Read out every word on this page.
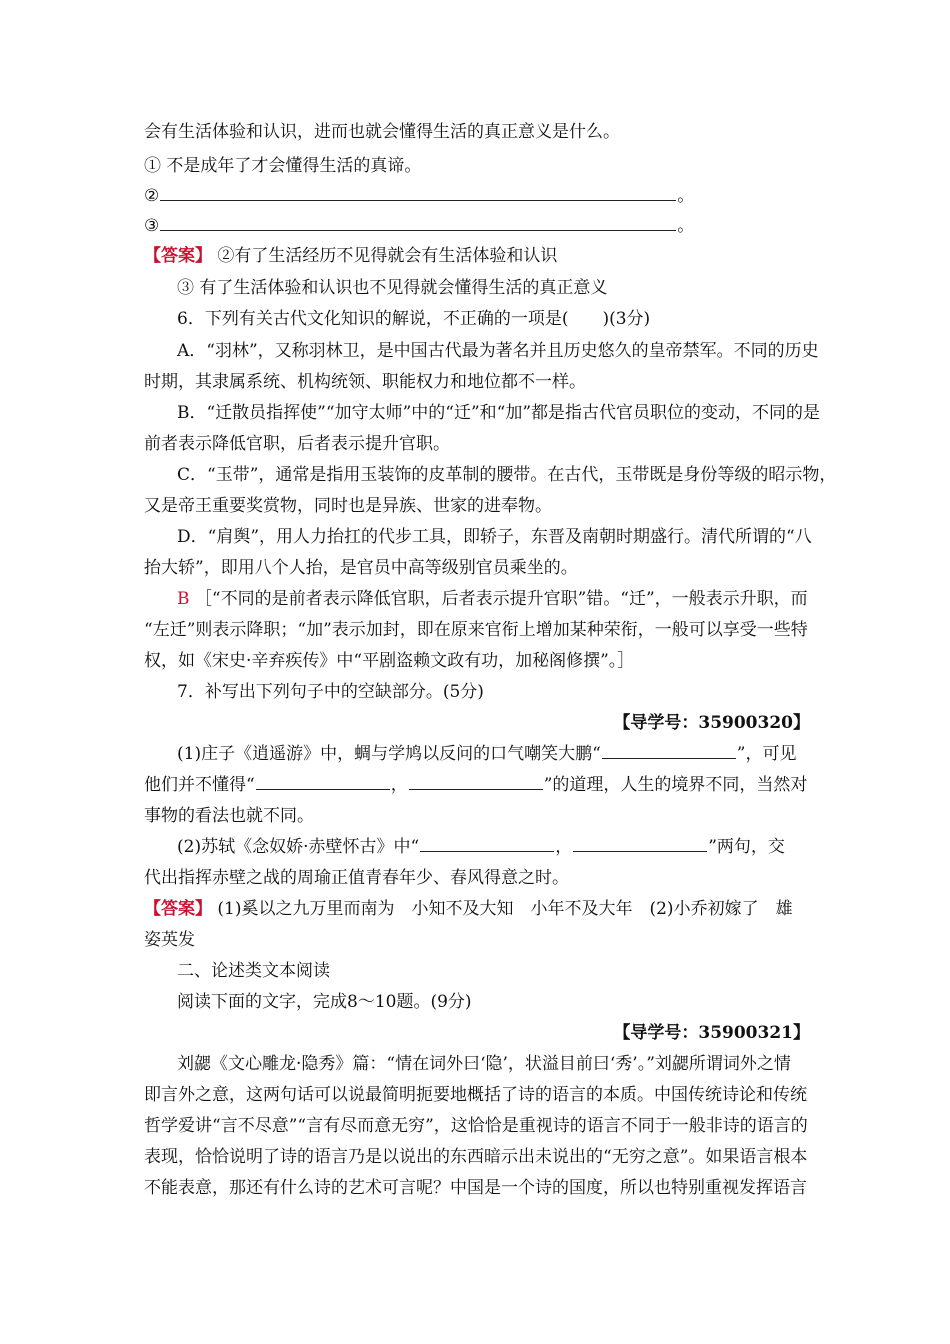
会有生活体验和认识，进而也就会懂得生活的真正意义是什么。
① 不是成年了才会懂得生活的真谛。
②	。
③	。
【答案】 ②有了生活经历不见得就会有生活体验和认识
③ 有了生活体验和认识也不见得就会懂得生活的真正意义
6．下列有关古代文化知识的解说，不正确的一项是(　　)(3分)
A．“羽林”，又称羽林卫，是中国古代最为著名并且历史悠久的皇帝禁军。不同的历史
时期，其隶属系统、机构统领、职能权力和地位都不一样。
B．“迁散员指挥使”“加守太师”中的“迁”和“加”都是指古代官员职位的变动，不同的是
前者表示降低官职，后者表示提升官职。
C．“玉带”，通常是指用玉装饰的皮革制的腰带。在古代，玉带既是身份等级的昭示物，
又是帝王重要奖赏物，同时也是异族、世家的进奉物。
D．“肩舆”，用人力抬扛的代步工具，即轿子，东晋及南朝时期盛行。清代所谓的“八
抬大轿”，即用八个人抬，是官员中高等级别官员乘坐的。
B ［“不同的是前者表示降低官职，后者表示提升官职”错。“迁”，一般表示升职，而
“左迁”则表示降职；“加”表示加封，即在原来官衔上增加某种荣衔，一般可以享受一些特
权，如《宋史·辛弃疾传》中“平剧盗赖文政有功，加秘阁修撰”。］
7．补写出下列句子中的空缺部分。(5分)
【导学号：35900320】
(1)庄子《逍遥游》中，蜩与学鸠以反问的口气嘲笑大鹏“	”，可见
他们并不懂得“	，	”的道理，人生的境界不同，当然对
事物的看法也就不同。
(2)苏轼《念奴娇·赤壁怀古》中“	，	”两句，交
代出指挥赤壁之战的周瑜正值青春年少、春风得意之时。
【答案】 (1)奚以之九万里而南为　小知不及大知　小年不及大年　(2)小乔初嫁了　雄
姿英发
二、论述类文本阅读
阅读下面的文字，完成8～10题。(9分)
【导学号：35900321】
刘勰《文心雕龙·隐秀》篇：“情在词外曰‘隐’，状溢目前曰‘秀’。”刘勰所谓词外之情
即言外之意，这两句话可以说最简明扼要地概括了诗的语言的本质。中国传统诗论和传统
哲学爱讲“言不尽意”“言有尽而意无穷”，这恰恰是重视诗的语言不同于一般非诗的语言的
表现，恰恰说明了诗的语言乃是以说出的东西暗示出未说出的“无穷之意”。如果语言根本
不能表意，那还有什么诗的艺术可言呢？中国是一个诗的国度，所以也特别重视发挥语言
